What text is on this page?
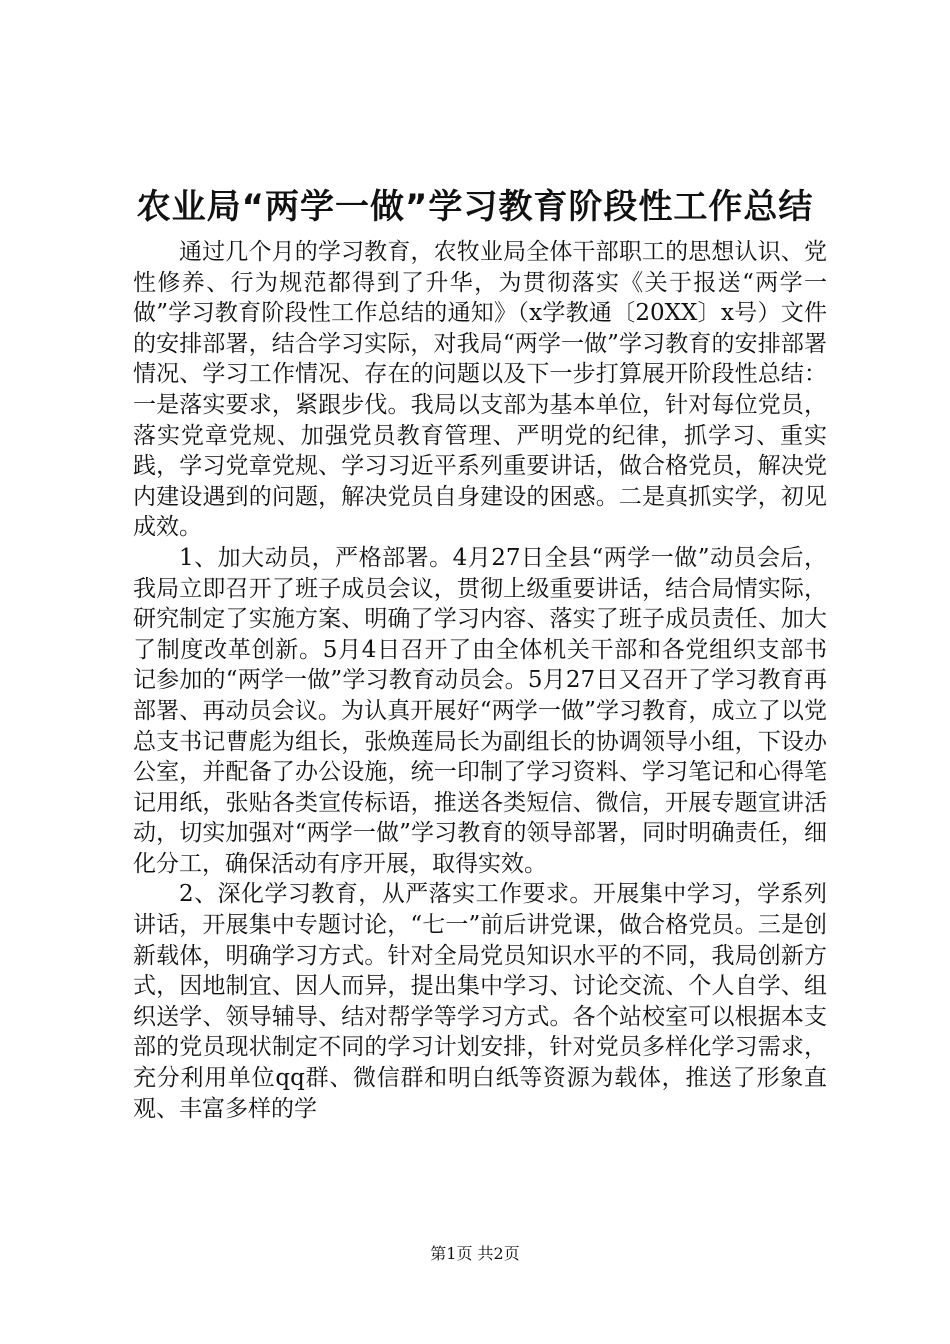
农业局“两学一做”学习教育阶段性工作总结

通过几个月的学习教育，农牧业局全体干部职工的思想认识、党性修养、行为规范都得到了升华，为贯彻落实《关于报送“两学一做”学习教育阶段性工作总结的通知》（x学教通〔20XX〕x号）文件的安排部署，结合学习实际，对我局“两学一做”学习教育的安排部署情况、学习工作情况、存在的问题以及下一步打算展开阶段性总结：一是落实要求，紧跟步伐。我局以支部为基本单位，针对每位党员，落实党章党规、加强党员教育管理、严明党的纪律，抓学习、重实践，学习党章党规、学习习近平系列重要讲话，做合格党员，解决党内建设遇到的问题，解决党员自身建设的困惑。二是真抓实学，初见成效。

1、加大动员，严格部署。4月27日全县“两学一做”动员会后，我局立即召开了班子成员会议，贯彻上级重要讲话，结合局情实际，研究制定了实施方案、明确了学习内容、落实了班子成员责任、加大了制度改革创新。5月4日召开了由全体机关干部和各党组织支部书记参加的“两学一做”学习教育动员会。5月27日又召开了学习教育再部署、再动员会议。为认真开展好“两学一做”学习教育，成立了以党总支书记曹彪为组长，张焕莲局长为副组长的协调领导小组，下设办公室，并配备了办公设施，统一印制了学习资料、学习笔记和心得笔记用纸，张贴各类宣传标语，推送各类短信、微信，开展专题宣讲活动，切实加强对“两学一做”学习教育的领导部署，同时明确责任，细化分工，确保活动有序开展，取得实效。

2、深化学习教育，从严落实工作要求。开展集中学习，学系列讲话，开展集中专题讨论，“七一”前后讲党课，做合格党员。三是创新载体，明确学习方式。针对全局党员知识水平的不同，我局创新方式，因地制宜、因人而异，提出集中学习、讨论交流、个人自学、组织送学、领导辅导、结对帮学等学习方式。各个站校室可以根据本支部的党员现状制定不同的学习计划安排，针对党员多样化学习需求，充分利用单位qq群、微信群和明白纸等资源为载体，推送了形象直观、丰富多样的学

第1页 共2页
